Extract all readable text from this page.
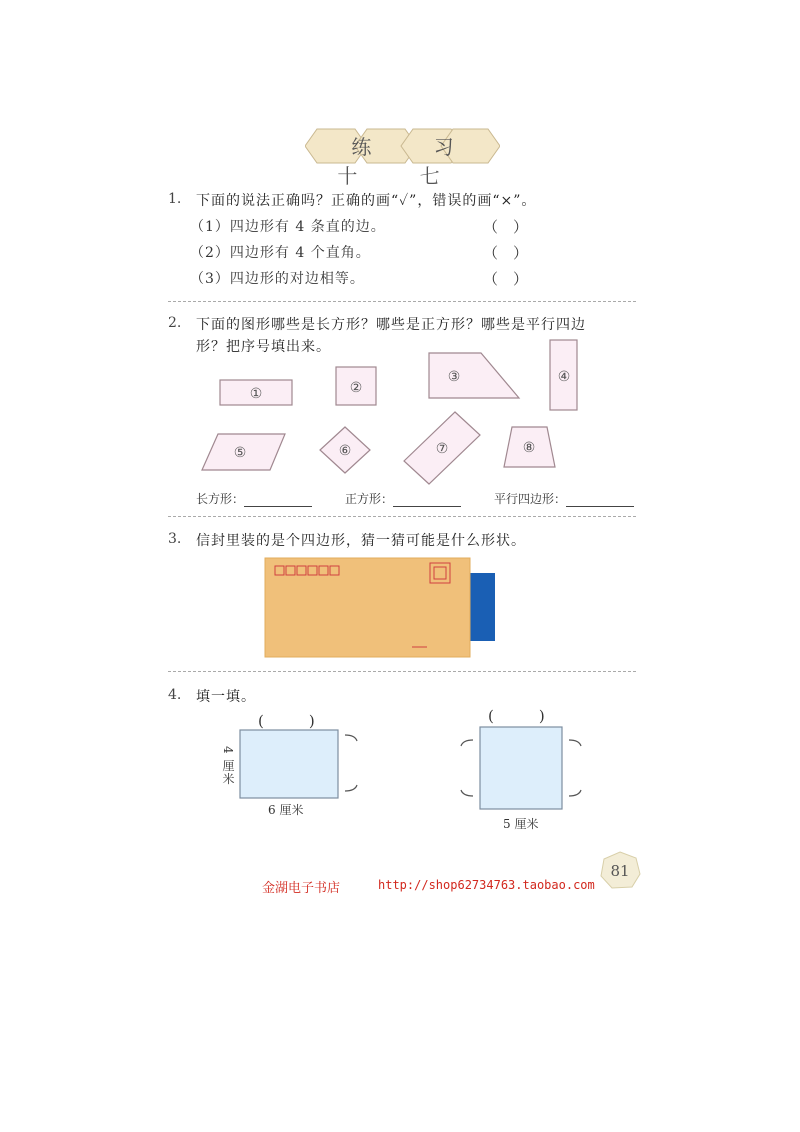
练 习 十 七
1. 下面的说法正确吗？正确的画“✓”，错误的画“×”。
（1）四边形有 4 条直的边。	（　）
（2）四边形有 4 个直角。	（　）
（3）四边形的对边相等。	（　）
2. 下面的图形哪些是长方形？哪些是正方形？哪些是平行四边
形？把序号填出来。
①	②
③	④
⑤	⑥	⑦	⑧
长方形：	正方形：	平行四边形：
3. 信封里装的是个四边形，猜一猜可能是什么形状。
4. 填一填。
(　　　)
4 厘米
6 厘米
(　　　)
5 厘米
81
金湖电子书店	http://shop62734763.taobao.com
